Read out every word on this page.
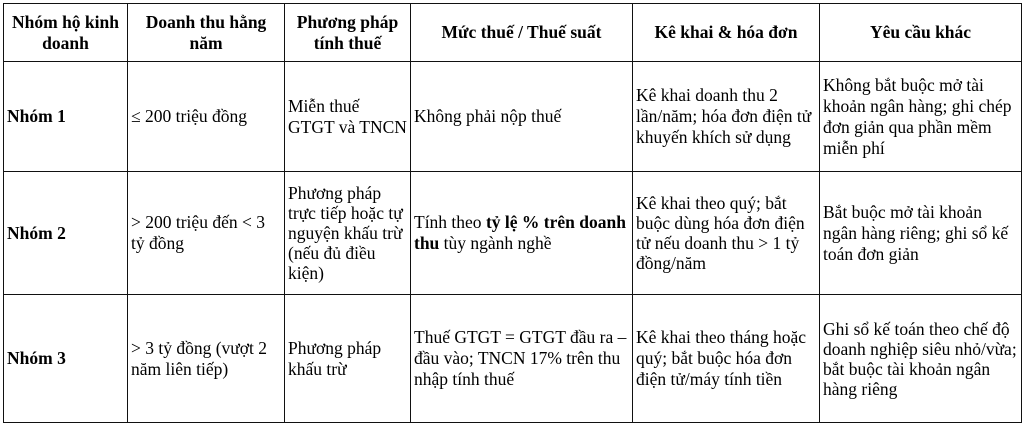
Nhóm hộ kinh doanh	Doanh thu hằng năm	Phương pháp tính thuế	Mức thuế / Thuế suất	Kê khai & hóa đơn	Yêu cầu khác
Nhóm 1	≤ 200 triệu đồng	Miễn thuế GTGT và TNCN	Không phải nộp thuế	Kê khai doanh thu 2 lần/năm; hóa đơn điện tử khuyến khích sử dụng	Không bắt buộc mở tài khoản ngân hàng; ghi chép đơn giản qua phần mềm miễn phí
Nhóm 2	> 200 triệu đến < 3 tỷ đồng	Phương pháp trực tiếp hoặc tự nguyện khấu trừ (nếu đủ điều kiện)	Tính theo tỷ lệ % trên doanh thu tùy ngành nghề	Kê khai theo quý; bắt buộc dùng hóa đơn điện tử nếu doanh thu > 1 tỷ đồng/năm	Bắt buộc mở tài khoản ngân hàng riêng; ghi sổ kế toán đơn giản
Nhóm 3	> 3 tỷ đồng (vượt 2 năm liên tiếp)	Phương pháp khấu trừ	Thuế GTGT = GTGT đầu ra – đầu vào; TNCN 17% trên thu nhập tính thuế	Kê khai theo tháng hoặc quý; bắt buộc hóa đơn điện tử/máy tính tiền	Ghi sổ kế toán theo chế độ doanh nghiệp siêu nhỏ/vừa; bắt buộc tài khoản ngân hàng riêng
